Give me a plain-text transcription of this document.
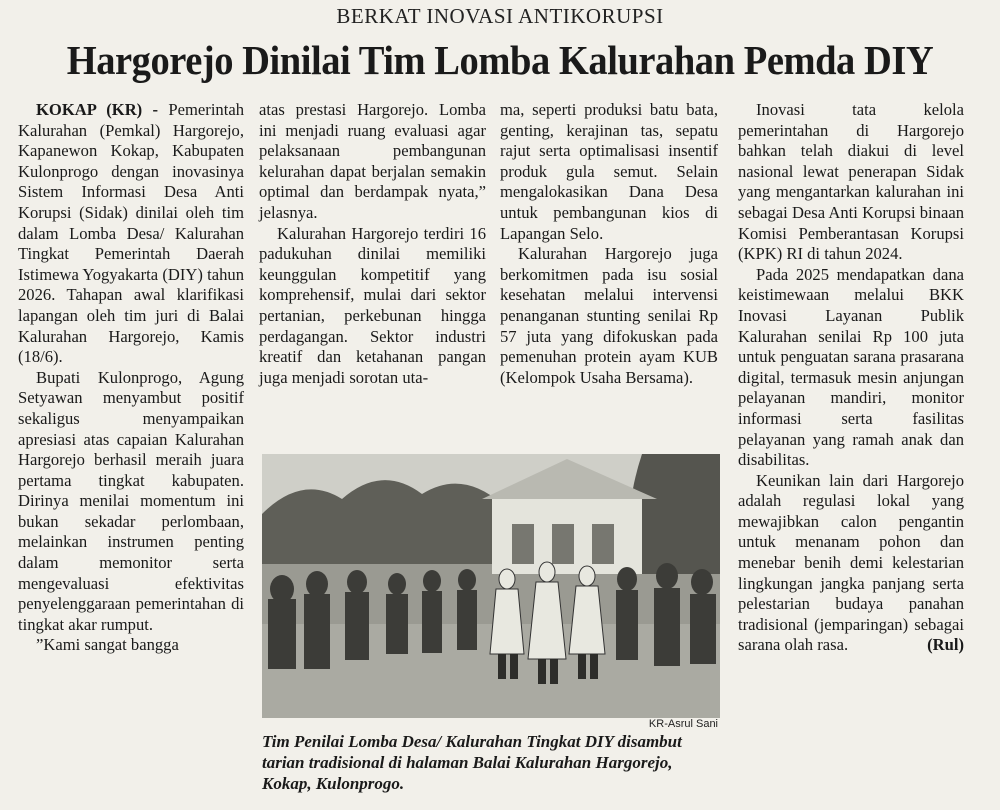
BERKAT INOVASI ANTIKORUPSI
Hargorejo Dinilai Tim Lomba Kalurahan Pemda DIY

KOKAP (KR) - Pemerintah Kalurahan (Pemkal) Hargorejo, Kapanewon Kokap, Kabupaten Kulonprogo dengan inovasinya Sistem Informasi Desa Anti Korupsi (Sidak) dinilai oleh tim dalam Lomba Desa/ Kalurahan Tingkat Pemerintah Daerah Istimewa Yogyakarta (DIY) tahun 2026. Tahapan awal klarifikasi lapangan oleh tim juri di Balai Kalurahan Hargorejo, Kamis (18/6).

Bupati Kulonprogo, Agung Setyawan menyambut positif sekaligus menyampaikan apresiasi atas capaian Kalurahan Hargorejo berhasil meraih juara pertama tingkat kabupaten. Dirinya menilai momentum ini bukan sekadar perlombaan, melainkan instrumen penting dalam memonitor serta mengevaluasi efektivitas penyelenggaraan pemerintahan di tingkat akar rumput.

”Kami sangat bangga

atas prestasi Hargorejo. Lomba ini menjadi ruang evaluasi agar pelaksanaan pembangunan kelurahan dapat berjalan semakin optimal dan berdampak nyata,” jelasnya.

Kalurahan Hargorejo terdiri 16 padukuhan dinilai memiliki keunggulan kompetitif yang komprehensif, mulai dari sektor pertanian, perkebunan hingga perdagangan. Sektor industri kreatif dan ketahanan pangan juga menjadi sorotan uta-

ma, seperti produksi batu bata, genting, kerajinan tas, sepatu rajut serta optimalisasi insentif produk gula semut. Selain mengalokasikan Dana Desa untuk pembangunan kios di Lapangan Selo.

Kalurahan Hargorejo juga berkomitmen pada isu sosial kesehatan melalui intervensi penanganan stunting senilai Rp 57 juta yang difokuskan pada pemenuhan protein ayam KUB (Kelompok Usaha Bersama).

Inovasi tata kelola pemerintahan di Hargorejo bahkan telah diakui di level nasional lewat penerapan Sidak yang mengantarkan kalurahan ini sebagai Desa Anti Korupsi binaan Komisi Pemberantasan Korupsi (KPK) RI di tahun 2024.

Pada 2025 mendapatkan dana keistimewaan melalui BKK Inovasi Layanan Publik Kalurahan senilai Rp 100 juta untuk penguatan sarana prasarana digital, termasuk mesin anjungan pelayanan mandiri, monitor informasi serta fasilitas pelayanan yang ramah anak dan disabilitas.

Keunikan lain dari Hargorejo adalah regulasi lokal yang mewajibkan calon pengantin untuk menanam pohon dan menebar benih demi kelestarian lingkungan jangka panjang serta pelestarian budaya panahan tradisional (jemparingan) sebagai sarana olah rasa.	(Rul)

KR-Asrul Sani
Tim Penilai Lomba Desa/ Kalurahan Tingkat DIY disambut tarian tradisional di halaman Balai Kalurahan Hargorejo, Kokap, Kulonprogo.
